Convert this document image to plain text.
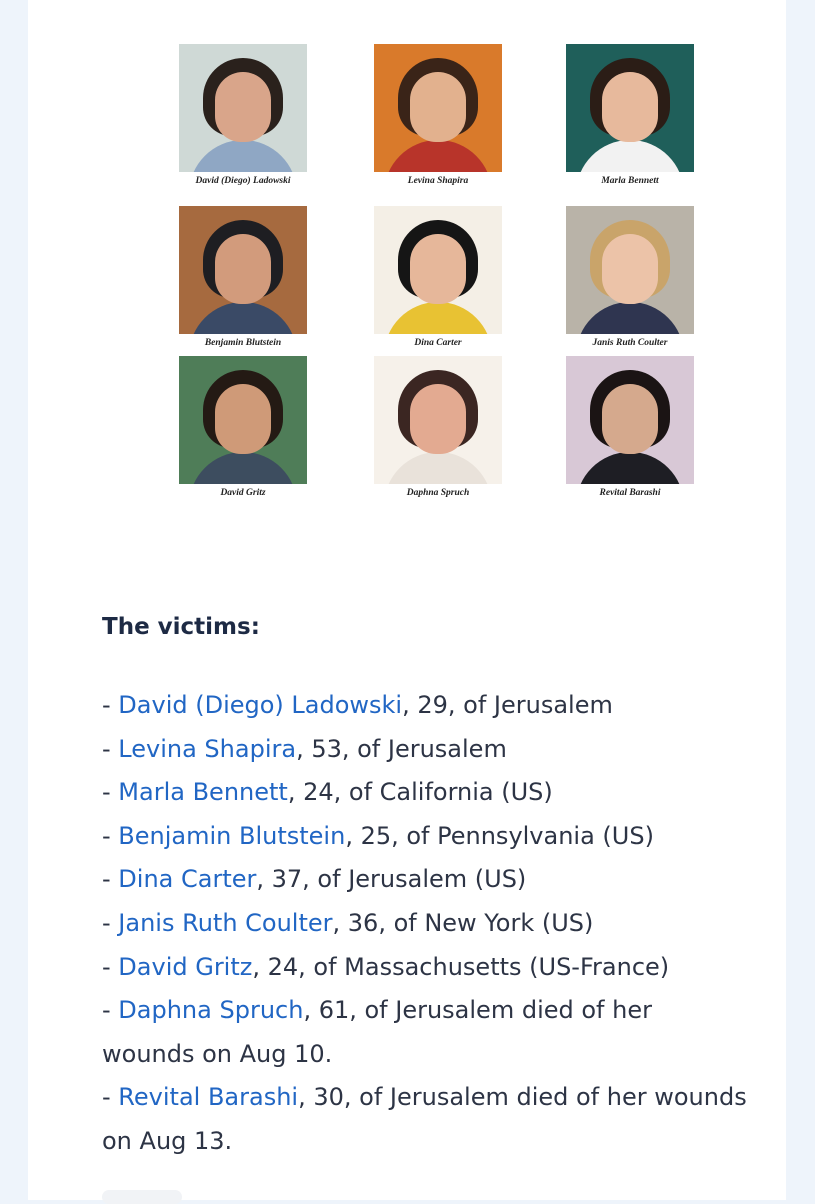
David (Diego) Ladowski	Levina Shapira	Marla Bennett
Benjamin Blutstein	Dina Carter	Janis Ruth Coulter
David Gritz	Daphna Spruch	Revital Barashi
The victims:
- David (Diego) Ladowski, 29, of Jerusalem
- Levina Shapira, 53, of Jerusalem
- Marla Bennett, 24, of California (US)
- Benjamin Blutstein, 25, of Pennsylvania (US)
- Dina Carter, 37, of Jerusalem (US)
- Janis Ruth Coulter, 36, of New York (US)
- David Gritz, 24, of Massachusetts (US-France)
- Daphna Spruch, 61, of Jerusalem died of her wounds on Aug 10.
- Revital Barashi, 30, of Jerusalem died of her wounds on Aug 13.
